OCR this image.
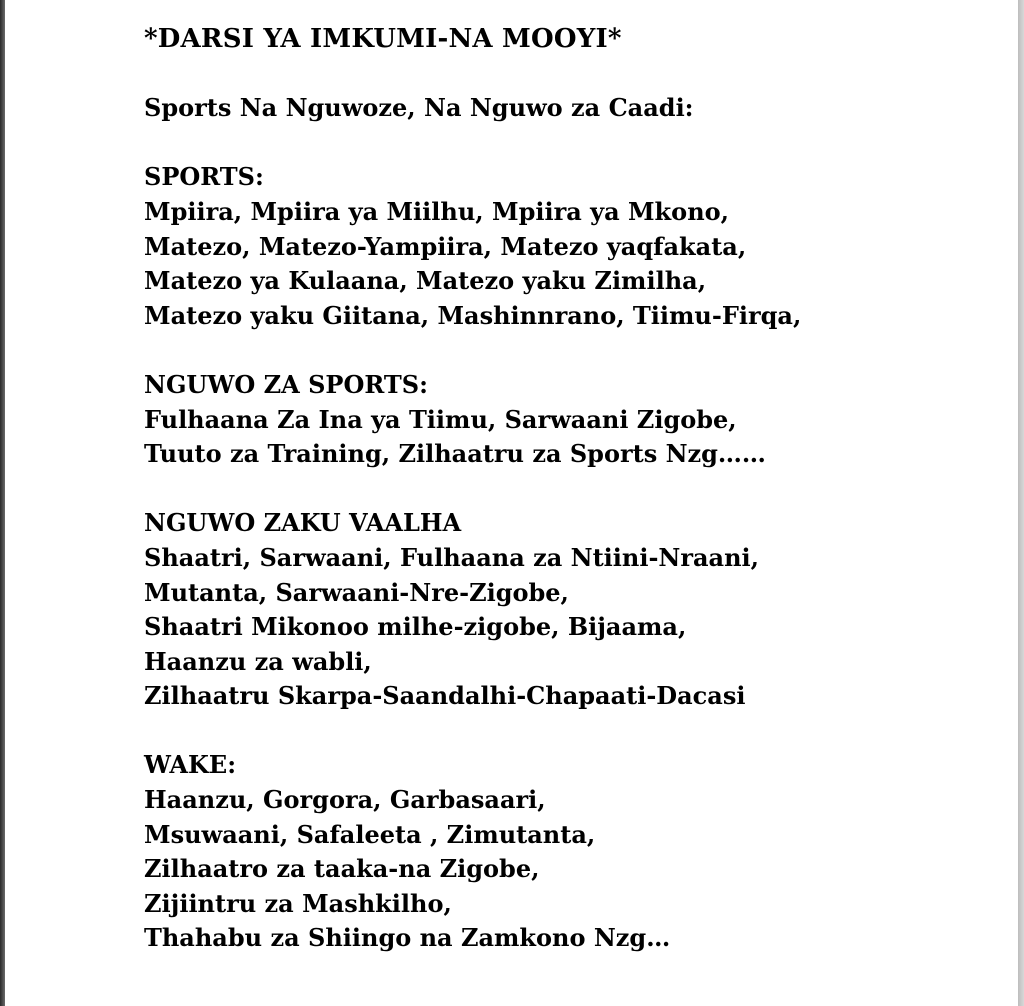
*DARSI YA IMKUMI-NA MOOYI*
Sports Na Nguwoze, Na Nguwo za Caadi:
SPORTS:
Mpiira, Mpiira ya Miilhu, Mpiira ya Mkono,
Matezo, Matezo-Yampiira, Matezo yaqfakata,
Matezo ya Kulaana, Matezo yaku Zimilha,
Matezo yaku Giitana, Mashinnrano, Tiimu-Firqa,
NGUWO ZA SPORTS:
Fulhaana Za Ina ya Tiimu, Sarwaani Zigobe,
Tuuto za Training, Zilhaatru za Sports Nzg……
NGUWO ZAKU VAALHA
Shaatri, Sarwaani, Fulhaana za Ntiini-Nraani,
Mutanta, Sarwaani-Nre-Zigobe,
Shaatri Mikonoo milhe-zigobe, Bijaama,
Haanzu za wabli,
Zilhaatru Skarpa-Saandalhi-Chapaati-Dacasi
WAKE:
Haanzu, Gorgora, Garbasaari,
Msuwaani, Safaleeta , Zimutanta,
Zilhaatro za taaka-na Zigobe,
Zijiintru za Mashkilho,
Thahabu za Shiingo na Zamkono Nzg…
